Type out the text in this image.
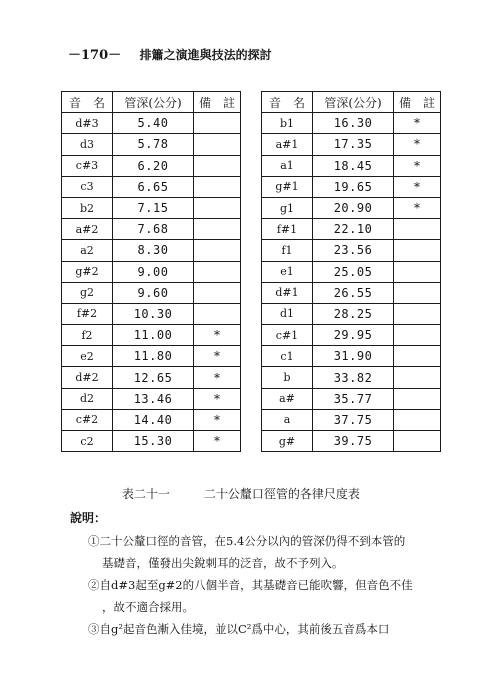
－170－ 排簫之演進與技法的探討
音　名	管深(公分)	備　註
d#3	5.40	
d3	5.78	
c#3	6.20	
c3	6.65	
b2	7.15	
a#2	7.68	
a2	8.30	
g#2	9.00	
g2	9.60	
f#2	10.30	
f2	11.00	*
e2	11.80	*
d#2	12.65	*
d2	13.46	*
c#2	14.40	*
c2	15.30	*
音　名	管深(公分)	備　註
b1	16.30	*
a#1	17.35	*
a1	18.45	*
g#1	19.65	*
g1	20.90	*
f#1	22.10	
f1	23.56	
e1	25.05	
d#1	26.55	
d1	28.25	
c#1	29.95	
c1	31.90	
b	33.82	
a#	35.77	
a	37.75	
g#	39.75	
表二十一	二十公釐口徑管的各律尺度表
說明：

①二十公釐口徑的音管，在5.4公分以內的管深仍得不到本管的

基礎音，僅發出尖銳刺耳的泛音，故不予列入。

②自d#3起至g#2的八個半音，其基礎音已能吹響，但音色不佳

，故不適合採用。

③自g²起音色漸入佳境，並以C²爲中心，其前後五音爲本口
